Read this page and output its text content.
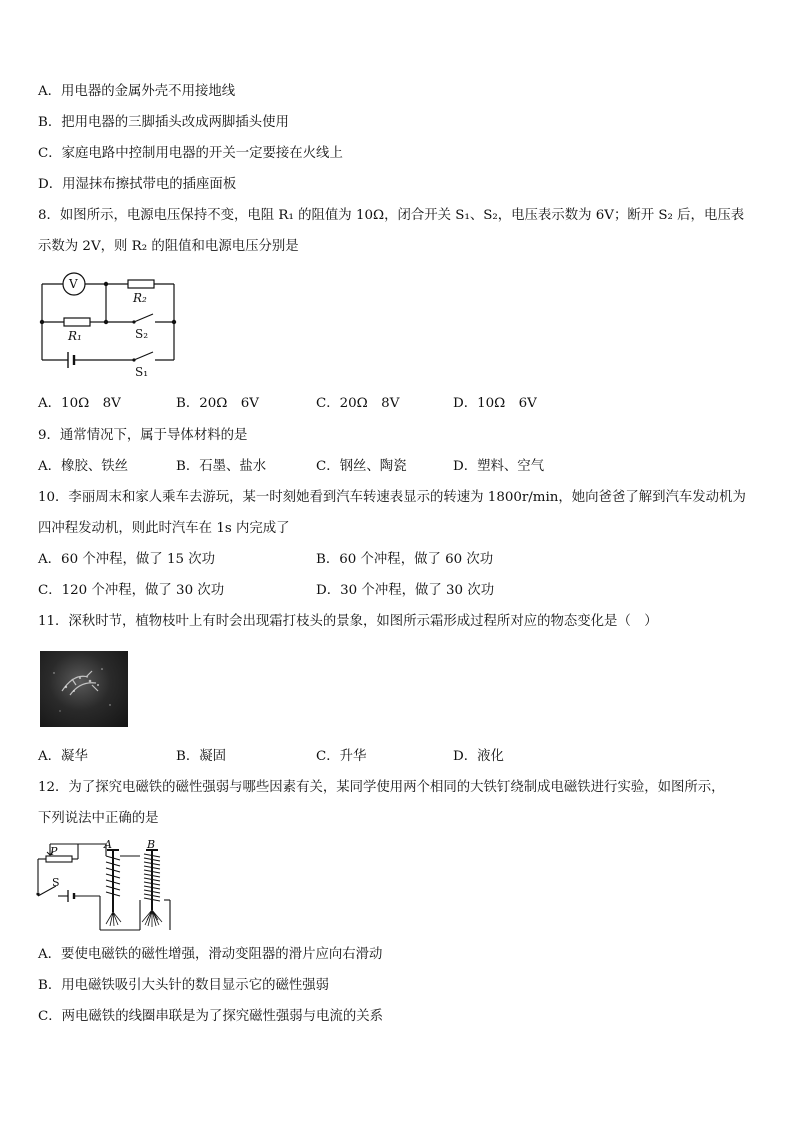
A．用电器的金属外壳不用接地线
B．把用电器的三脚插头改成两脚插头使用
C．家庭电路中控制用电器的开关一定要接在火线上
D．用湿抹布擦拭带电的插座面板
8．如图所示，电源电压保持不变，电阻 R₁ 的阻值为 10Ω，闭合开关 S₁、S₂，电压表示数为 6V；断开 S₂ 后，电压表
示数为 2V，则 R₂ 的阻值和电源电压分别是
V
R₂
R₁	S₂
S₁
A．10Ω　8V	B．20Ω　6V	C．20Ω　8V	D．10Ω　6V
9．通常情况下，属于导体材料的是
A．橡胶、铁丝	B．石墨、盐水	C．钢丝、陶瓷	D．塑料、空气
10．李丽周末和家人乘车去游玩，某一时刻她看到汽车转速表显示的转速为 1800r/min，她向爸爸了解到汽车发动机为
四冲程发动机，则此时汽车在 1s 内完成了
A．60 个冲程，做了 15 次功	B．60 个冲程，做了 60 次功
C．120 个冲程，做了 30 次功	D．30 个冲程，做了 30 次功
11．深秋时节，植物枝叶上有时会出现霜打枝头的景象，如图所示霜形成过程所对应的物态变化是（　）
A．凝华	B．凝固	C．升华	D．液化
12．为了探究电磁铁的磁性强弱与哪些因素有关，某同学使用两个相同的大铁钉绕制成电磁铁进行实验，如图所示，
下列说法中正确的是
P
S
A	B
A．要使电磁铁的磁性增强，滑动变阻器的滑片应向右滑动
B．用电磁铁吸引大头针的数目显示它的磁性强弱
C．两电磁铁的线圈串联是为了探究磁性强弱与电流的关系
